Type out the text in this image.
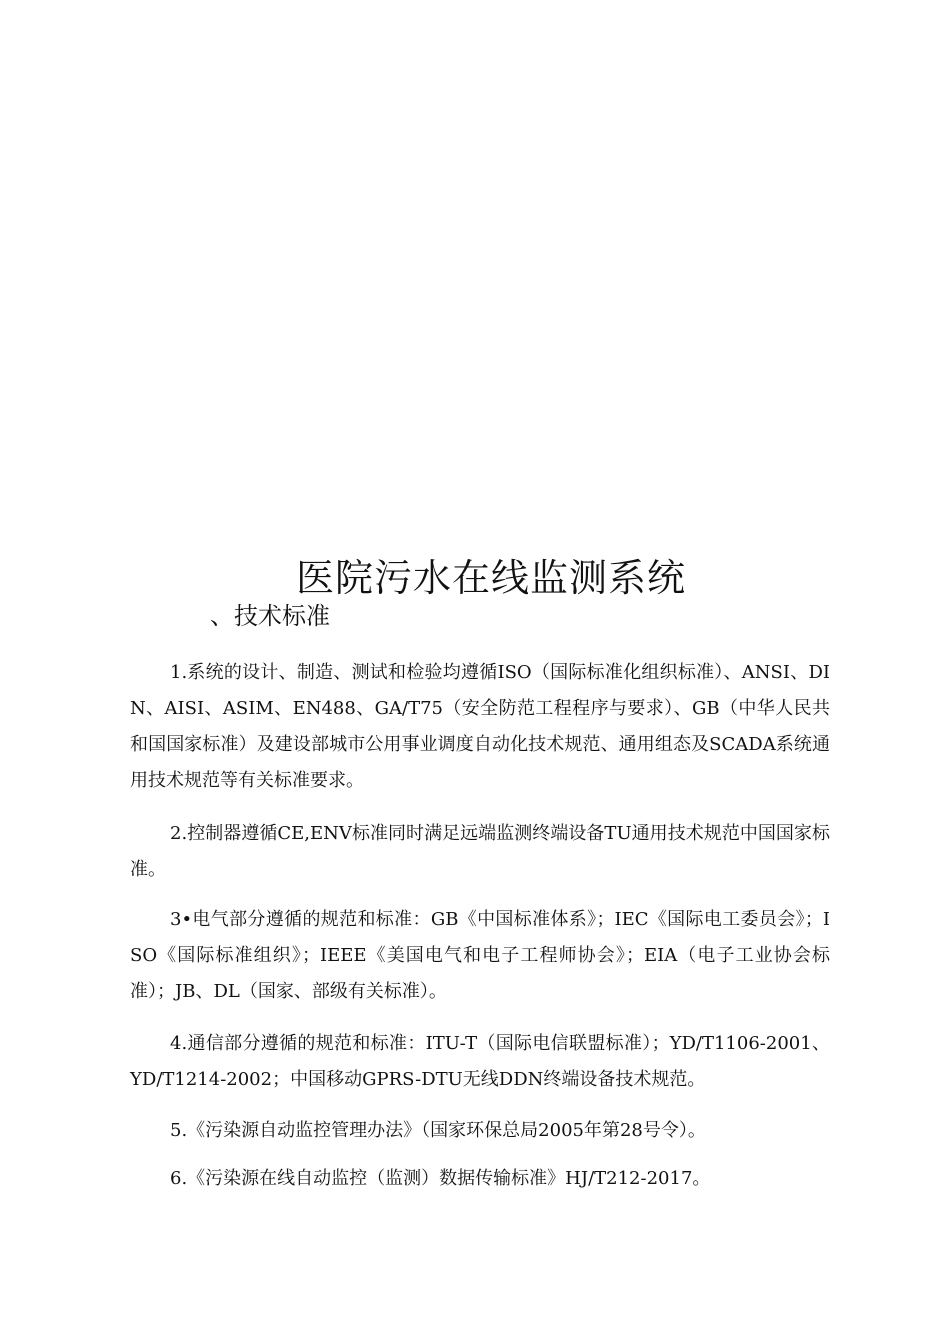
医院污水在线监测系统
、技术标准

1.系统的设计、制造、测试和检验均遵循ISO（国际标准化组织标准）、ANSI、DIN、AISI、ASIM、EN488、GA/T75（安全防范工程程序与要求）、GB（中华人民共和国国家标准）及建设部城市公用事业调度自动化技术规范、通用组态及SCADA系统通用技术规范等有关标准要求。

2.控制器遵循CE,ENV标准同时满足远端监测终端设备TU通用技术规范中国国家标准。

3•电气部分遵循的规范和标准：GB《中国标准体系》；IEC《国际电工委员会》；ISO《国际标准组织》；IEEE《美国电气和电子工程师协会》；EIA（电子工业协会标准）；JB、DL（国家、部级有关标准）。

4.通信部分遵循的规范和标准：ITU-T（国际电信联盟标准）；YD/T1106-2001、YD/T1214-2002；中国移动GPRS-DTU无线DDN终端设备技术规范。

5.《污染源自动监控管理办法》（国家环保总局2005年第28号令）。

6.《污染源在线自动监控（监测）数据传输标准》HJ/T212-2017。
